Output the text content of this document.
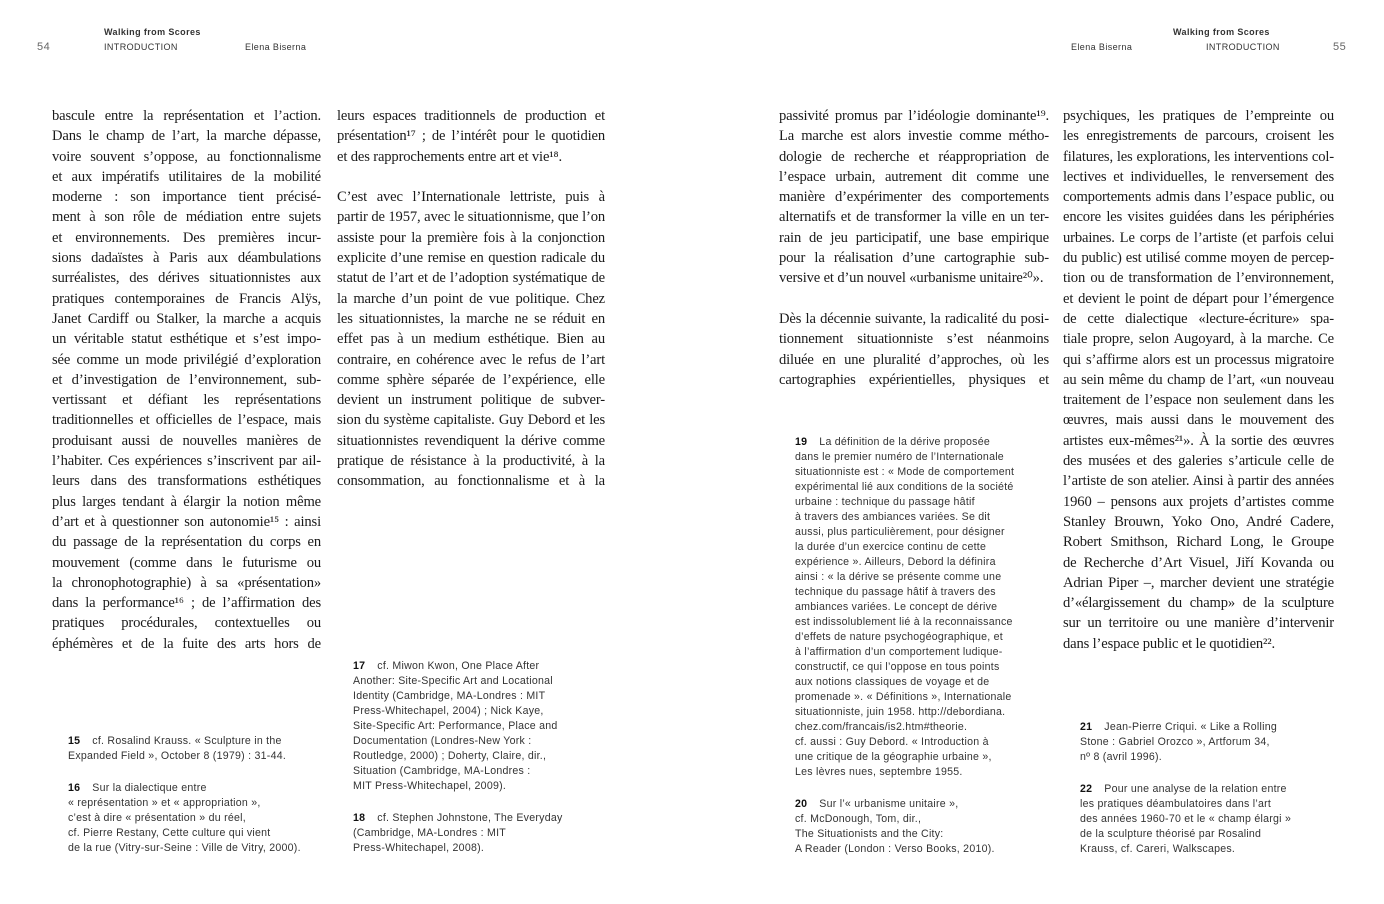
54
Walking from Scores
INTRODUCTION	Elena Biserna	Elena Biserna
Walking from Scores
INTRODUCTION	55
bascule entre la représentation et l’action.
Dans le champ de l’art, la marche dépasse,
voire souvent s’oppose, au fonctionnalisme
et aux impératifs utilitaires de la mobilité
moderne : son importance tient précisé-
ment à son rôle de médiation entre sujets
et environnements. Des premières incur-
sions dadaïstes à Paris aux déambulations
surréalistes, des dérives situationnistes aux
pratiques contemporaines de Francis Alÿs,
Janet Cardiff ou Stalker, la marche a acquis
un véritable statut esthétique et s’est impo-
sée comme un mode privilégié d’exploration
et d’investigation de l’environnement, sub-
vertissant et défiant les représentations
traditionnelles et officielles de l’espace, mais
produisant aussi de nouvelles manières de
l’habiter. Ces expériences s’inscrivent par ail-
leurs dans des transformations esthétiques
plus larges tendant à élargir la notion même
d’art et à questionner son autonomie¹⁵ : ainsi
du passage de la représentation du corps en
mouvement (comme dans le futurisme ou
la chronophotographie) à sa «présentation»
dans la performance¹⁶ ; de l’affirmation des
pratiques procédurales, contextuelles ou
éphémères et de la fuite des arts hors de
leurs espaces traditionnels de production et
présentation¹⁷ ; de l’intérêt pour le quotidien
et des rapprochements entre art et vie¹⁸.
C’est avec l’Internationale lettriste, puis à
partir de 1957, avec le situationnisme, que l’on
assiste pour la première fois à la conjonction
explicite d’une remise en question radicale du
statut de l’art et de l’adoption systématique de
la marche d’un point de vue politique. Chez
les situationnistes, la marche ne se réduit en
effet pas à un medium esthétique. Bien au
contraire, en cohérence avec le refus de l’art
comme sphère séparée de l’expérience, elle
devient un instrument politique de subver-
sion du système capitaliste. Guy Debord et les
situationnistes revendiquent la dérive comme
pratique de résistance à la productivité, à la
consommation, au fonctionnalisme et à la
passivité promus par l’idéologie dominante¹⁹.
La marche est alors investie comme métho-
dologie de recherche et réappropriation de
l’espace urbain, autrement dit comme une
manière d’expérimenter des comportements
alternatifs et de transformer la ville en un ter-
rain de jeu participatif, une base empirique
pour la réalisation d’une cartographie sub-
versive et d’un nouvel «urbanisme unitaire²⁰».
Dès la décennie suivante, la radicalité du posi-
tionnement situationniste s’est néanmoins
diluée en une pluralité d’approches, où les
cartographies expérientielles, physiques et
psychiques, les pratiques de l’empreinte ou
les enregistrements de parcours, croisent les
filatures, les explorations, les interventions col-
lectives et individuelles, le renversement des
comportements admis dans l’espace public, ou
encore les visites guidées dans les périphéries
urbaines. Le corps de l’artiste (et parfois celui
du public) est utilisé comme moyen de percep-
tion ou de transformation de l’environnement,
et devient le point de départ pour l’émergence
de cette dialectique «lecture-écriture» spa-
tiale propre, selon Augoyard, à la marche. Ce
qui s’affirme alors est un processus migratoire
au sein même du champ de l’art, «un nouveau
traitement de l’espace non seulement dans les
œuvres, mais aussi dans le mouvement des
artistes eux-mêmes²¹». À la sortie des œuvres
des musées et des galeries s’articule celle de
l’artiste de son atelier. Ainsi à partir des années
1960 – pensons aux projets d’artistes comme
Stanley Brouwn, Yoko Ono, André Cadere,
Robert Smithson, Richard Long, le Groupe
de Recherche d’Art Visuel, Jiří Kovanda ou
Adrian Piper –, marcher devient une stratégie
d’«élargissement du champ» de la sculpture
sur un territoire ou une manière d’intervenir
dans l’espace public et le quotidien²².
15 cf. Rosalind Krauss. « Sculpture in the
Expanded Field », October 8 (1979) : 31-44.
16 Sur la dialectique entre
« représentation » et « appropriation »,
c’est à dire « présentation » du réel,
cf. Pierre Restany, Cette culture qui vient
de la rue (Vitry-sur-Seine : Ville de Vitry, 2000).
17 cf. Miwon Kwon, One Place After
Another: Site-Specific Art and Locational
Identity (Cambridge, MA-Londres : MIT
Press-Whitechapel, 2004) ; Nick Kaye,
Site-Specific Art: Performance, Place and
Documentation (Londres-New York :
Routledge, 2000) ; Doherty, Claire, dir.,
Situation (Cambridge, MA-Londres :
MIT Press-Whitechapel, 2009).
18 cf. Stephen Johnstone, The Everyday
(Cambridge, MA-Londres : MIT
Press-Whitechapel, 2008).
19 La définition de la dérive proposée
dans le premier numéro de l’Internationale
situationniste est : « Mode de comportement
expérimental lié aux conditions de la société
urbaine : technique du passage hâtif
à travers des ambiances variées. Se dit
aussi, plus particulièrement, pour désigner
la durée d’un exercice continu de cette
expérience ». Ailleurs, Debord la définira
ainsi : « la dérive se présente comme une
technique du passage hâtif à travers des
ambiances variées. Le concept de dérive
est indissolublement lié à la reconnaissance
d’effets de nature psychogéographique, et
à l’affirmation d’un comportement ludique-
constructif, ce qui l’oppose en tous points
aux notions classiques de voyage et de
promenade ». « Définitions », Internationale
situationniste, juin 1958. http://debordiana.
chez.com/francais/is2.htm#theorie.
cf. aussi : Guy Debord. « Introduction à
une critique de la géographie urbaine »,
Les lèvres nues, septembre 1955.
20 Sur l’« urbanisme unitaire »,
cf. McDonough, Tom, dir.,
The Situationists and the City:
A Reader (London : Verso Books, 2010).
21 Jean-Pierre Criqui. « Like a Rolling
Stone : Gabriel Orozco », Artforum 34,
nº 8 (avril 1996).
22 Pour une analyse de la relation entre
les pratiques déambulatoires dans l’art
des années 1960-70 et le « champ élargi »
de la sculpture théorisé par Rosalind
Krauss, cf. Careri, Walkscapes.
